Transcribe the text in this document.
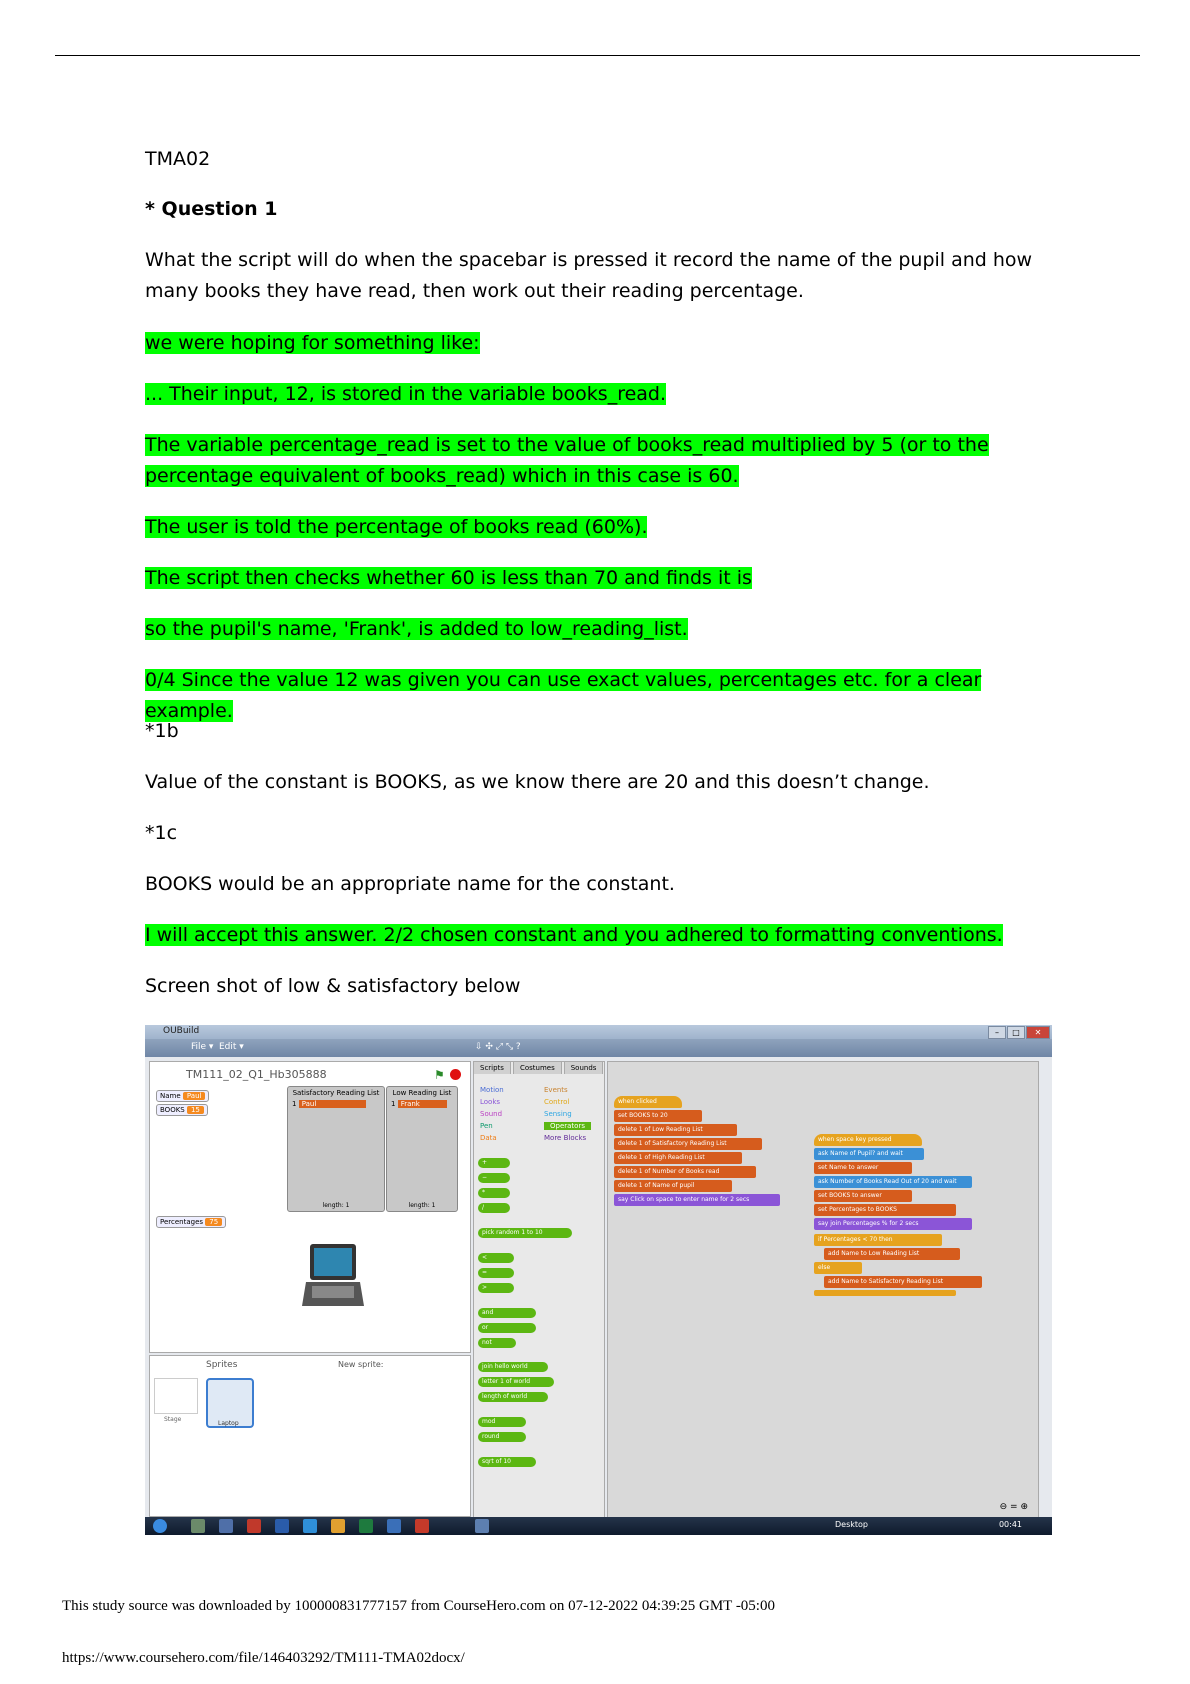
TMA02

* Question 1

What the script will do when the spacebar is pressed it record the name of the pupil and how many books they have read, then work out their reading percentage.

we were hoping for something like:

... Their input, 12, is stored in the variable books_read.

The variable percentage_read is set to the value of books_read multiplied by 5 (or to the percentage equivalent of books_read) which in this case is 60.

The user is told the percentage of books read (60%).

The script then checks whether 60 is less than 70 and finds it is

so the pupil's name, 'Frank', is added to low_reading_list.

0/4 Since the value 12 was given you can use exact values, percentages etc. for a clear example.

*1b

Value of the constant is BOOKS, as we know there are 20 and this doesn’t change.

*1c

BOOKS would be an appropriate name for the constant.

I will accept this answer. 2/2 chosen constant and you adhered to formatting conventions.

Screen shot of low & satisfactory below

OUBuild	–	□	✕
File ▾ Edit ▾	⇩ ✣ ⤢ ⤡ ?
TM111_02_Q1_Hb305888	⚑
Name Paul
BOOKS 15
Percentages 75
Satisfactory Reading List
1 Paul
length: 1
Low Reading List
1 Frank
length: 1
Sprites	New sprite:
Stage
Laptop
Motion
Looks
Sound
Pen
Data
Events
Control
Sensing
Operators
More Blocks
+
−
*
/
pick random 1 to 10
<
=
>
and
or
not
join hello world
letter 1 of world
length of world
mod
round
sqrt of 10
Scripts	Costumes	Sounds
when clicked
set BOOKS to 20
delete 1 of Low Reading List
delete 1 of Satisfactory Reading List
delete 1 of High Reading List
delete 1 of Number of Books read
delete 1 of Name of pupil
say Click on space to enter name for 2 secs
when space key pressed
ask Name of Pupil? and wait
set Name to answer
ask Number of Books Read Out of 20 and wait
set BOOKS to answer
set Percentages to BOOKS
say join Percentages % for 2 secs
if Percentages < 70 then
add Name to Low Reading List
else
add Name to Satisfactory Reading List
⊖ = ⊕
Desktop	00:41
This study source was downloaded by 100000831777157 from CourseHero.com on 07-12-2022 04:39:25 GMT -05:00
https://www.coursehero.com/file/146403292/TM111-TMA02docx/
